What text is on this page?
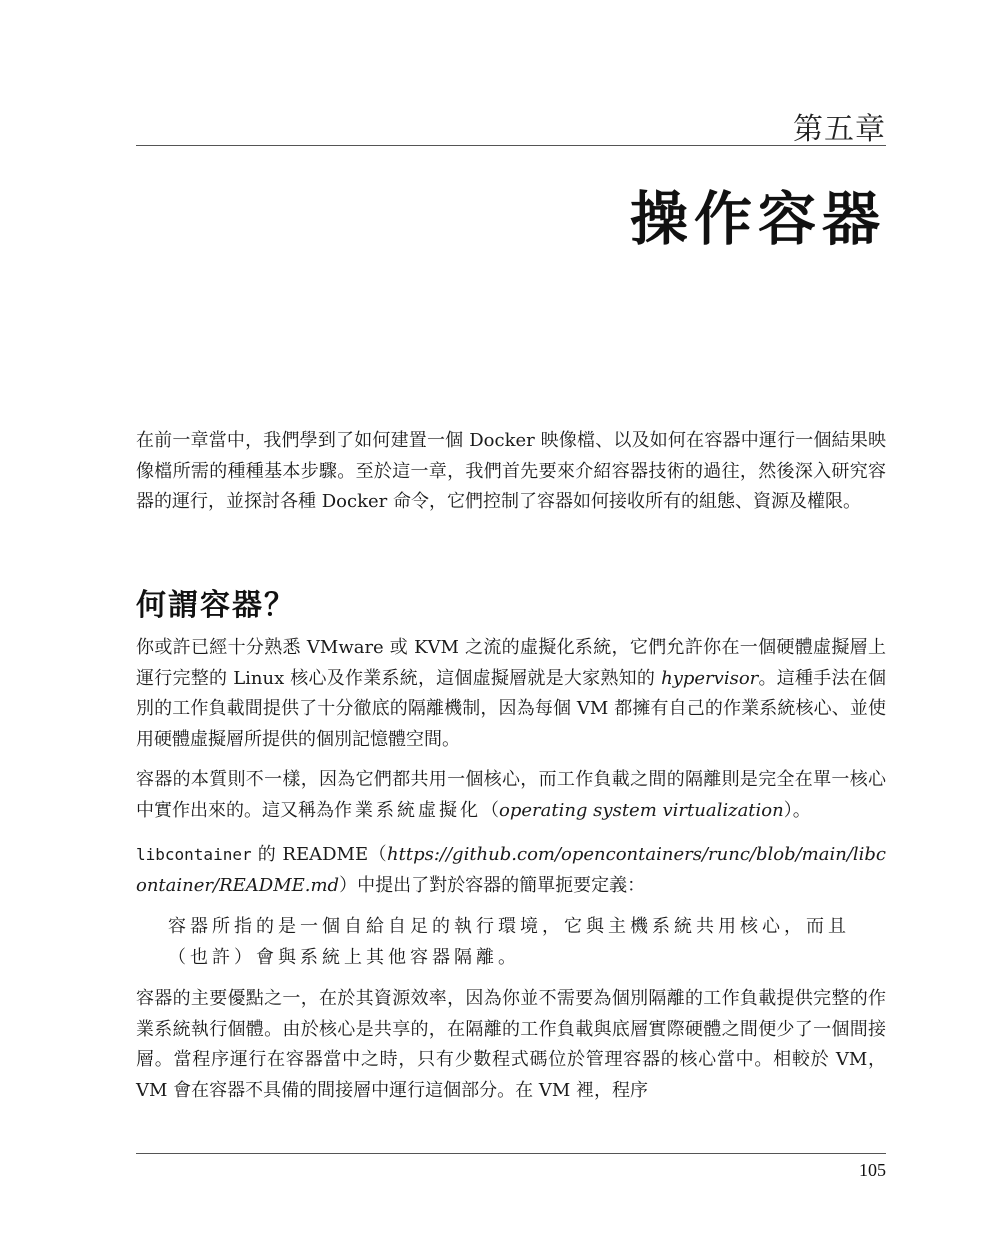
第五章
操作容器

在前一章當中，我們學到了如何建置一個 Docker 映像檔、以及如何在容器中運行一個結果映像檔所需的種種基本步驟。至於這一章，我們首先要來介紹容器技術的過往，然後深入研究容器的運行，並探討各種 Docker 命令，它們控制了容器如何接收所有的組態、資源及權限。

何謂容器？

你或許已經十分熟悉 VMware 或 KVM 之流的虛擬化系統，它們允許你在一個硬體虛擬層上運行完整的 Linux 核心及作業系統，這個虛擬層就是大家熟知的 hypervisor。這種手法在個別的工作負載間提供了十分徹底的隔離機制，因為每個 VM 都擁有自己的作業系統核心、並使用硬體虛擬層所提供的個別記憶體空間。

容器的本質則不一樣，因為它們都共用一個核心，而工作負載之間的隔離則是完全在單一核心中實作出來的。這又稱為作業系統虛擬化（operating system virtualization）。

libcontainer 的 README（https://github.com/opencontainers/runc/blob/main/libcontainer/README.md）中提出了對於容器的簡單扼要定義：

容器所指的是一個自給自足的執行環境，它與主機系統共用核心，而且（也許）會與系統上其他容器隔離。

容器的主要優點之一，在於其資源效率，因為你並不需要為個別隔離的工作負載提供完整的作業系統執行個體。由於核心是共享的，在隔離的工作負載與底層實際硬體之間便少了一個間接層。當程序運行在容器當中之時，只有少數程式碼位於管理容器的核心當中。相較於 VM，VM 會在容器不具備的間接層中運行這個部分。在 VM 裡，程序

105
